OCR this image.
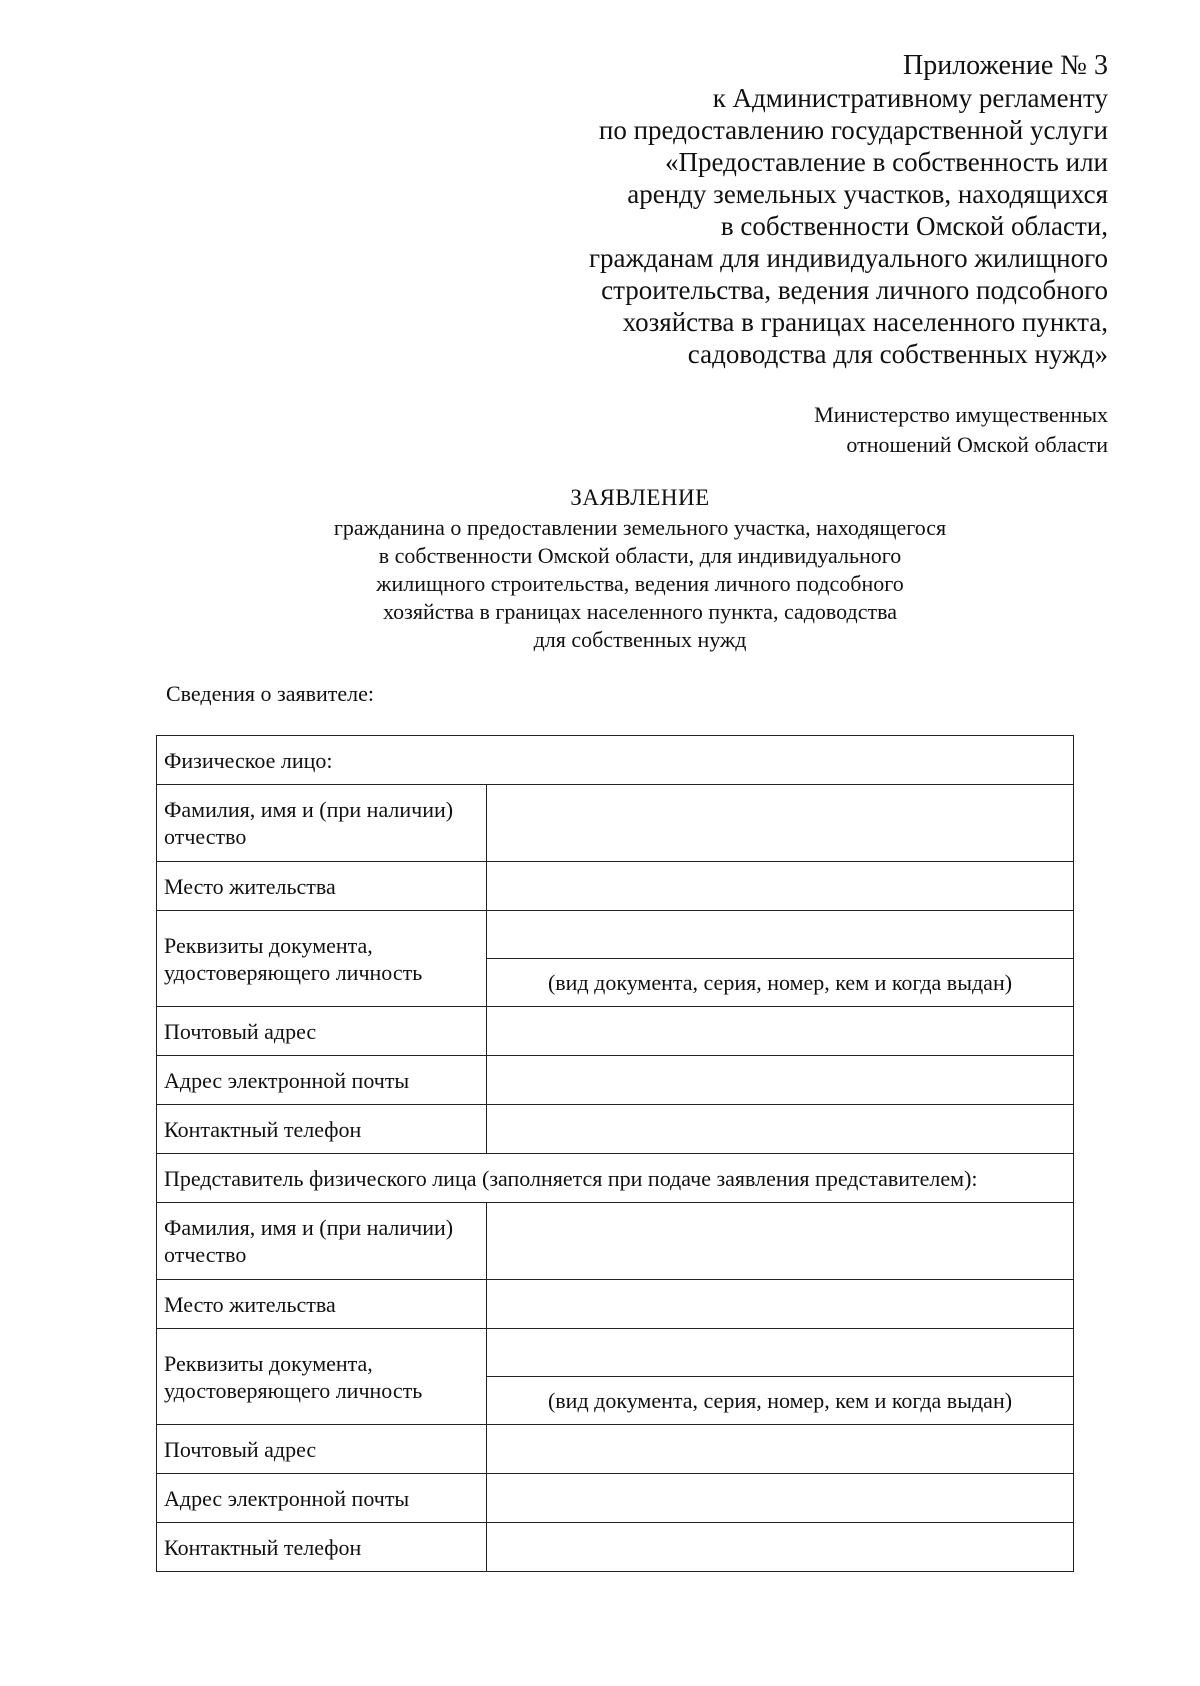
Приложение № 3
к Административному регламенту
по предоставлению государственной услуги
«Предоставление в собственность или
аренду земельных участков, находящихся
в собственности Омской области,
гражданам для индивидуального жилищного
строительства, ведения личного подсобного
хозяйства в границах населенного пункта,
садоводства для собственных нужд»
Министерство имущественных
отношений Омской области
ЗАЯВЛЕНИЕ
гражданина о предоставлении земельного участка, находящегося
в собственности Омской области, для индивидуального
жилищного строительства, ведения личного подсобного
хозяйства в границах населенного пункта, садоводства
для собственных нужд
Сведения о заявителе:
Физическое лицо:	
Фамилия, имя и (при наличии) отчество	
Место жительства	
Реквизиты документа, удостоверяющего личность	
	(вид документа, серия, номер, кем и когда выдан)
Почтовый адрес	
Адрес электронной почты	
Контактный телефон	
Представитель физического лица (заполняется при подаче заявления представителем):	
Фамилия, имя и (при наличии) отчество	
Место жительства	
Реквизиты документа, удостоверяющего личность	
	(вид документа, серия, номер, кем и когда выдан)
Почтовый адрес	
Адрес электронной почты	
Контактный телефон	
